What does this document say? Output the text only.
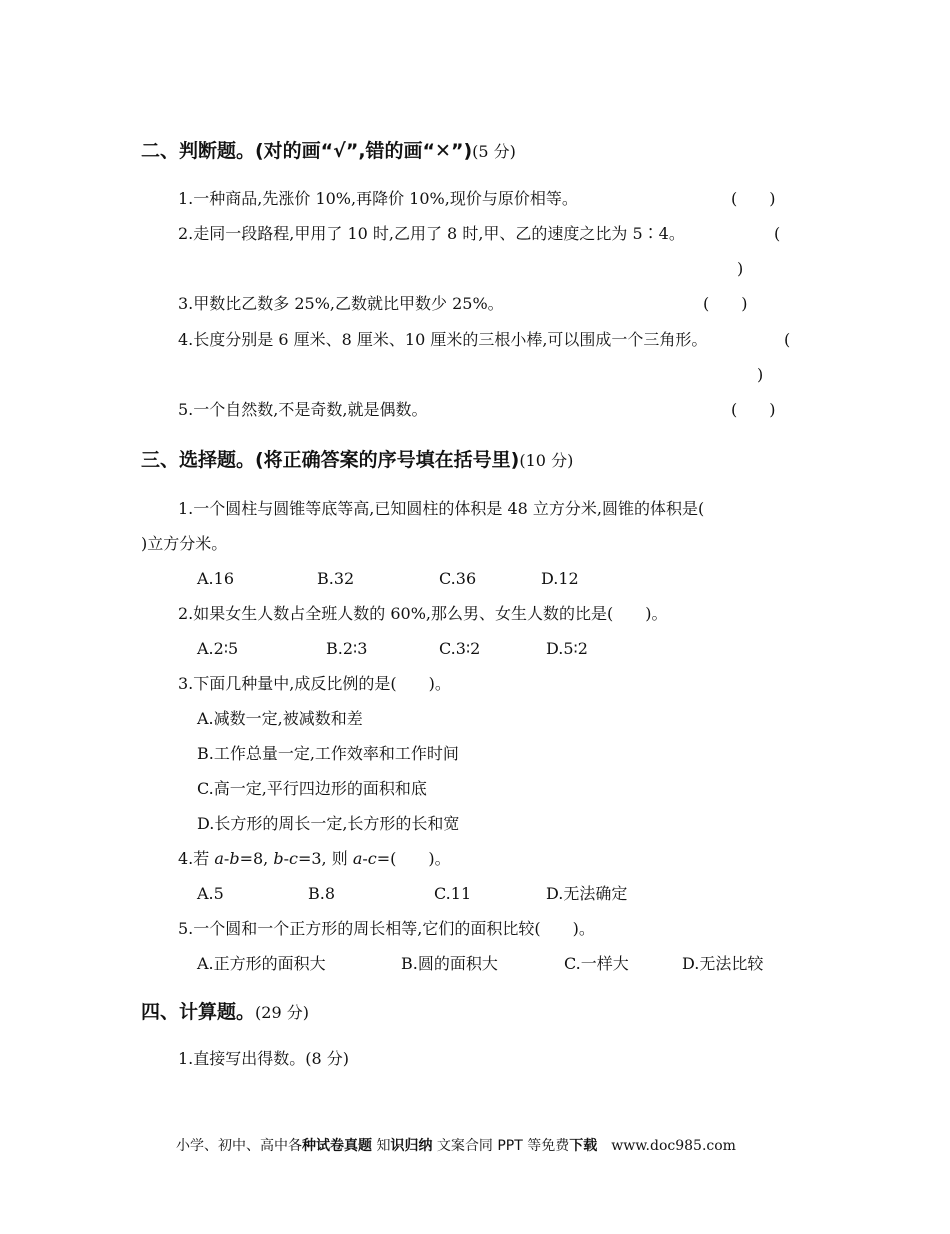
二、判断题。(对的画“√”,错的画“✕”)(5 分)
1.一种商品,先涨价 10%,再降价 10%,现价与原价相等。	(　　)
2.走同一段路程,甲用了 10 时,乙用了 8 时,甲、乙的速度之比为 5∶4。	(
)
3.甲数比乙数多 25%,乙数就比甲数少 25%。	(　　)
4.长度分别是 6 厘米、8 厘米、10 厘米的三根小棒,可以围成一个三角形。	(
)
5.一个自然数,不是奇数,就是偶数。	(　　)
三、选择题。(将正确答案的序号填在括号里)(10 分)
1.一个圆柱与圆锥等底等高,已知圆柱的体积是 48 立方分米,圆锥的体积是(
)立方分米。
A.16	B.32	C.36	D.12
2.如果女生人数占全班人数的 60%,那么男、女生人数的比是(　　)。
A.2∶5	B.2∶3	C.3∶2	D.5∶2
3.下面几种量中,成反比例的是(　　)。
A.减数一定,被减数和差
B.工作总量一定,工作效率和工作时间
C.高一定,平行四边形的面积和底
D.长方形的周长一定,长方形的长和宽
4.若 a-b=8, b-c=3, 则 a-c=(　　)。
A.5	B.8	C.11	D.无法确定
5.一个圆和一个正方形的周长相等,它们的面积比较(　　)。
A.正方形的面积大	B.圆的面积大	C.一样大	D.无法比较
四、计算题。(29 分)
1.直接写出得数。(8 分)
小学、初中、高中各种试卷真题 知识归纳 文案合同 PPT 等免费下载 www.doc985.com
